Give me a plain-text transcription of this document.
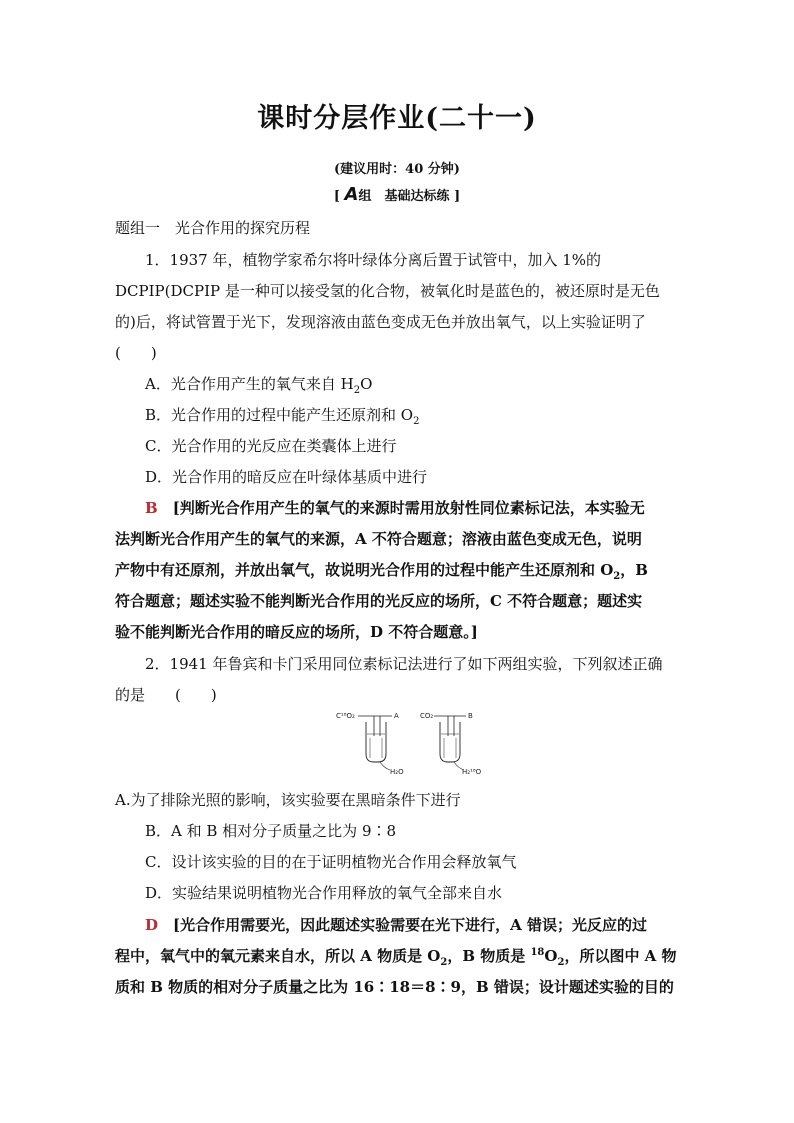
课时分层作业(二十一)
(建议用时：40 分钟)
[ A组　基础达标练 ]
题组一　光合作用的探究历程
1．1937 年，植物学家希尔将叶绿体分离后置于试管中，加入 1%的
DCPIP(DCPIP 是一种可以接受氢的化合物，被氧化时是蓝色的，被还原时是无色
的)后，将试管置于光下，发现溶液由蓝色变成无色并放出氧气，以上实验证明了
(　　)
A．光合作用产生的氧气来自 $H_2O$
B．光合作用的过程中能产生还原剂和 $O_2$
C．光合作用的光反应在类囊体上进行
D．光合作用的暗反应在叶绿体基质中进行
B　 [判断光合作用产生的氧气的来源时需用放射性同位素标记法，本实验无
法判断光合作用产生的氧气的来源，A 不符合题意；溶液由蓝色变成无色，说明
产物中有还原剂，并放出氧气，故说明光合作用的过程中能产生还原剂和 $O_2$，B
符合题意；题述实验不能判断光合作用的光反应的场所，C 不符合题意；题述实
验不能判断光合作用的暗反应的场所，D 不符合题意。]
2．1941 年鲁宾和卡门采用同位素标记法进行了如下两组实验，下列叙述正确
的是　　(　　)
C¹⁸O₂	A
H₂O
CO₂	B
H₂¹⁸O
A.为了排除光照的影响，该实验要在黑暗条件下进行
B．A 和 B 相对分子质量之比为 9∶8
C．设计该实验的目的在于证明植物光合作用会释放氧气
D．实验结果说明植物光合作用释放的氧气全部来自水
D　 [光合作用需要光，因此题述实验需要在光下进行，A 错误；光反应的过
程中，氧气中的氧元素来自水，所以 A 物质是 $O_2$，B 物质是 $^{18}O_2$，所以图中 A 物
质和 B 物质的相对分子质量之比为 16∶18＝8∶9，B 错误；设计题述实验的目的
